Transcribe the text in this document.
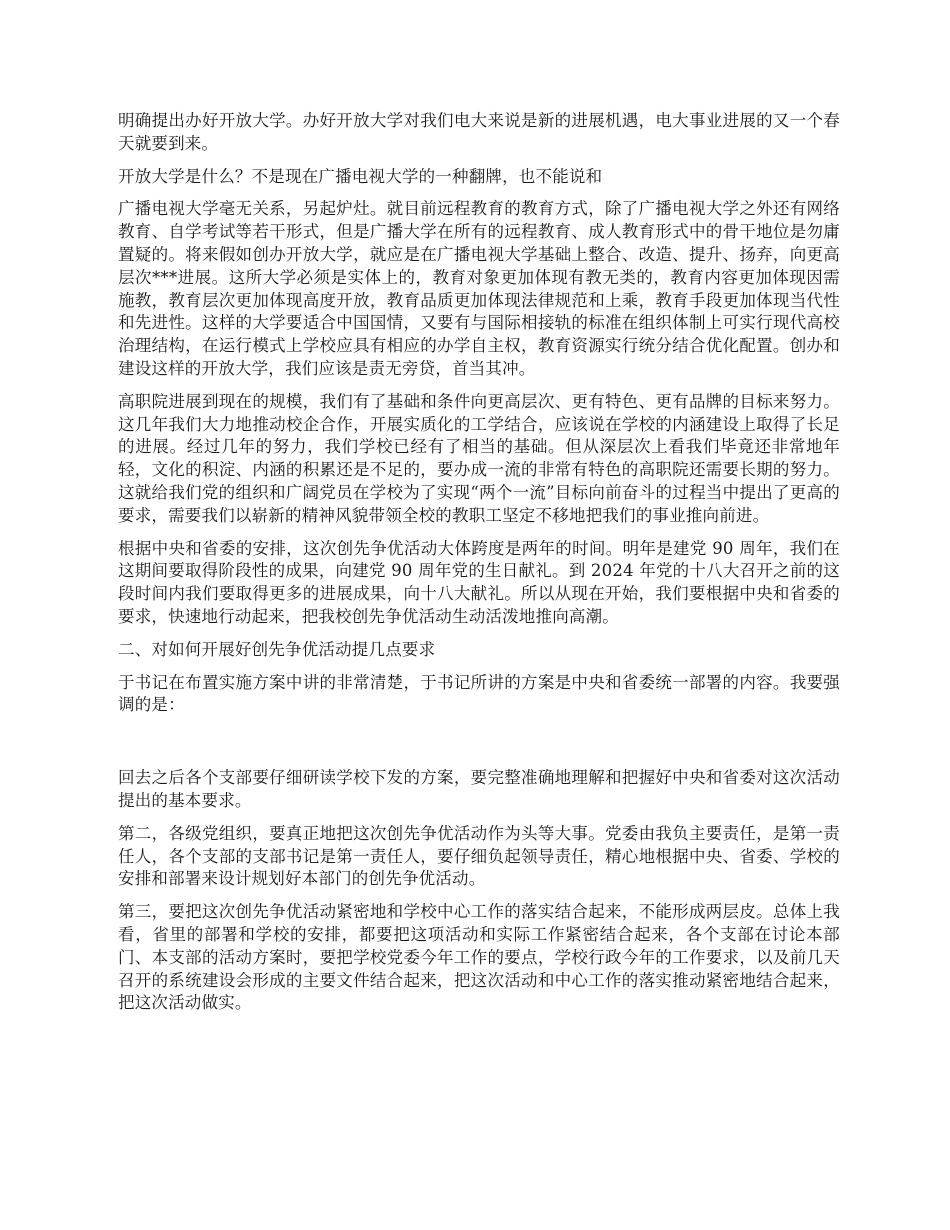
明确提出办好开放大学。办好开放大学对我们电大来说是新的进展机遇，电大事业进展的又一个春天就要到来。

开放大学是什么？不是现在广播电视大学的一种翻牌，也不能说和

广播电视大学毫无关系，另起炉灶。就目前远程教育的教育方式，除了广播电视大学之外还有网络教育、自学考试等若干形式，但是广播大学在所有的远程教育、成人教育形式中的骨干地位是勿庸置疑的。将来假如创办开放大学，就应是在广播电视大学基础上整合、改造、提升、扬弃，向更高层次***进展。这所大学必须是实体上的，教育对象更加体现有教无类的，教育内容更加体现因需施教，教育层次更加体现高度开放，教育品质更加体现法律规范和上乘，教育手段更加体现当代性和先进性。这样的大学要适合中国国情，又要有与国际相接轨的标准在组织体制上可实行现代高校治理结构，在运行模式上学校应具有相应的办学自主权，教育资源实行统分结合优化配置。创办和建设这样的开放大学，我们应该是责无旁贷，首当其冲。

高职院进展到现在的规模，我们有了基础和条件向更高层次、更有特色、更有品牌的目标来努力。这几年我们大力地推动校企合作，开展实质化的工学结合，应该说在学校的内涵建设上取得了长足的进展。经过几年的努力，我们学校已经有了相当的基础。但从深层次上看我们毕竟还非常地年轻，文化的积淀、内涵的积累还是不足的，要办成一流的非常有特色的高职院还需要长期的努力。这就给我们党的组织和广阔党员在学校为了实现“两个一流”目标向前奋斗的过程当中提出了更高的要求，需要我们以崭新的精神风貌带领全校的教职工坚定不移地把我们的事业推向前进。

根据中央和省委的安排，这次创先争优活动大体跨度是两年的时间。明年是建党 90 周年，我们在这期间要取得阶段性的成果，向建党 90 周年党的生日献礼。到 2024 年党的十八大召开之前的这段时间内我们要取得更多的进展成果，向十八大献礼。所以从现在开始，我们要根据中央和省委的要求，快速地行动起来，把我校创先争优活动生动活泼地推向高潮。

二、对如何开展好创先争优活动提几点要求

于书记在布置实施方案中讲的非常清楚，于书记所讲的方案是中央和省委统一部署的内容。我要强调的是：

回去之后各个支部要仔细研读学校下发的方案，要完整准确地理解和把握好中央和省委对这次活动提出的基本要求。

第二，各级党组织，要真正地把这次创先争优活动作为头等大事。党委由我负主要责任，是第一责任人，各个支部的支部书记是第一责任人，要仔细负起领导责任，精心地根据中央、省委、学校的安排和部署来设计规划好本部门的创先争优活动。

第三，要把这次创先争优活动紧密地和学校中心工作的落实结合起来，不能形成两层皮。总体上我看，省里的部署和学校的安排，都要把这项活动和实际工作紧密结合起来，各个支部在讨论本部门、本支部的活动方案时，要把学校党委今年工作的要点，学校行政今年的工作要求，以及前几天召开的系统建设会形成的主要文件结合起来，把这次活动和中心工作的落实推动紧密地结合起来，把这次活动做实。
